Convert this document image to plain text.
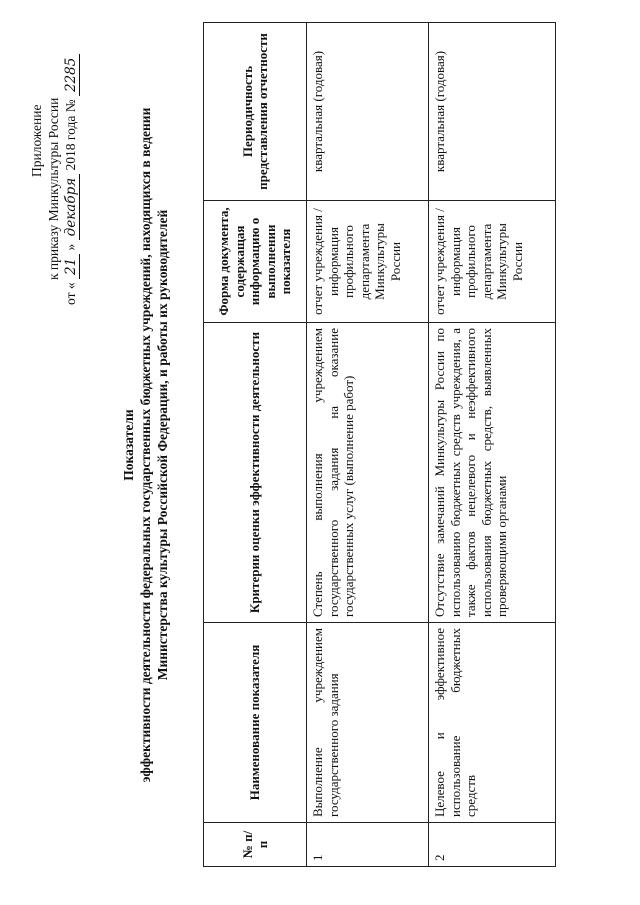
Приложение к приказу Минкультуры России
от « 21 » декабря 2018 года № 2285
Показатели эффективности деятельности федеральных государственных бюджетных учреждений, находящихся в ведении Министерства культуры Российской Федерации, и работы их руководителей
№ п/п	Наименование показателя	Критерии оценки эффективности деятельности	Форма документа, содержащая информацию о выполнении показателя	Периодичность представления отчетности
1	Выполнение учреждением государственного задания	Степень выполнения учреждением государственного задания на оказание государственных услуг (выполнение работ)	отчет учреждения / информация профильного департамента Минкультуры России	квартальная (годовая)
2	Целевое и эффективное использование бюджетных средств	Отсутствие замечаний Минкультуры России по использованию бюджетных средств учреждения, а также фактов нецелевого и неэффективного использования бюджетных средств, выявленных проверяющими органами	отчет учреждения / информация профильного департамента Минкультуры России	квартальная (годовая)
